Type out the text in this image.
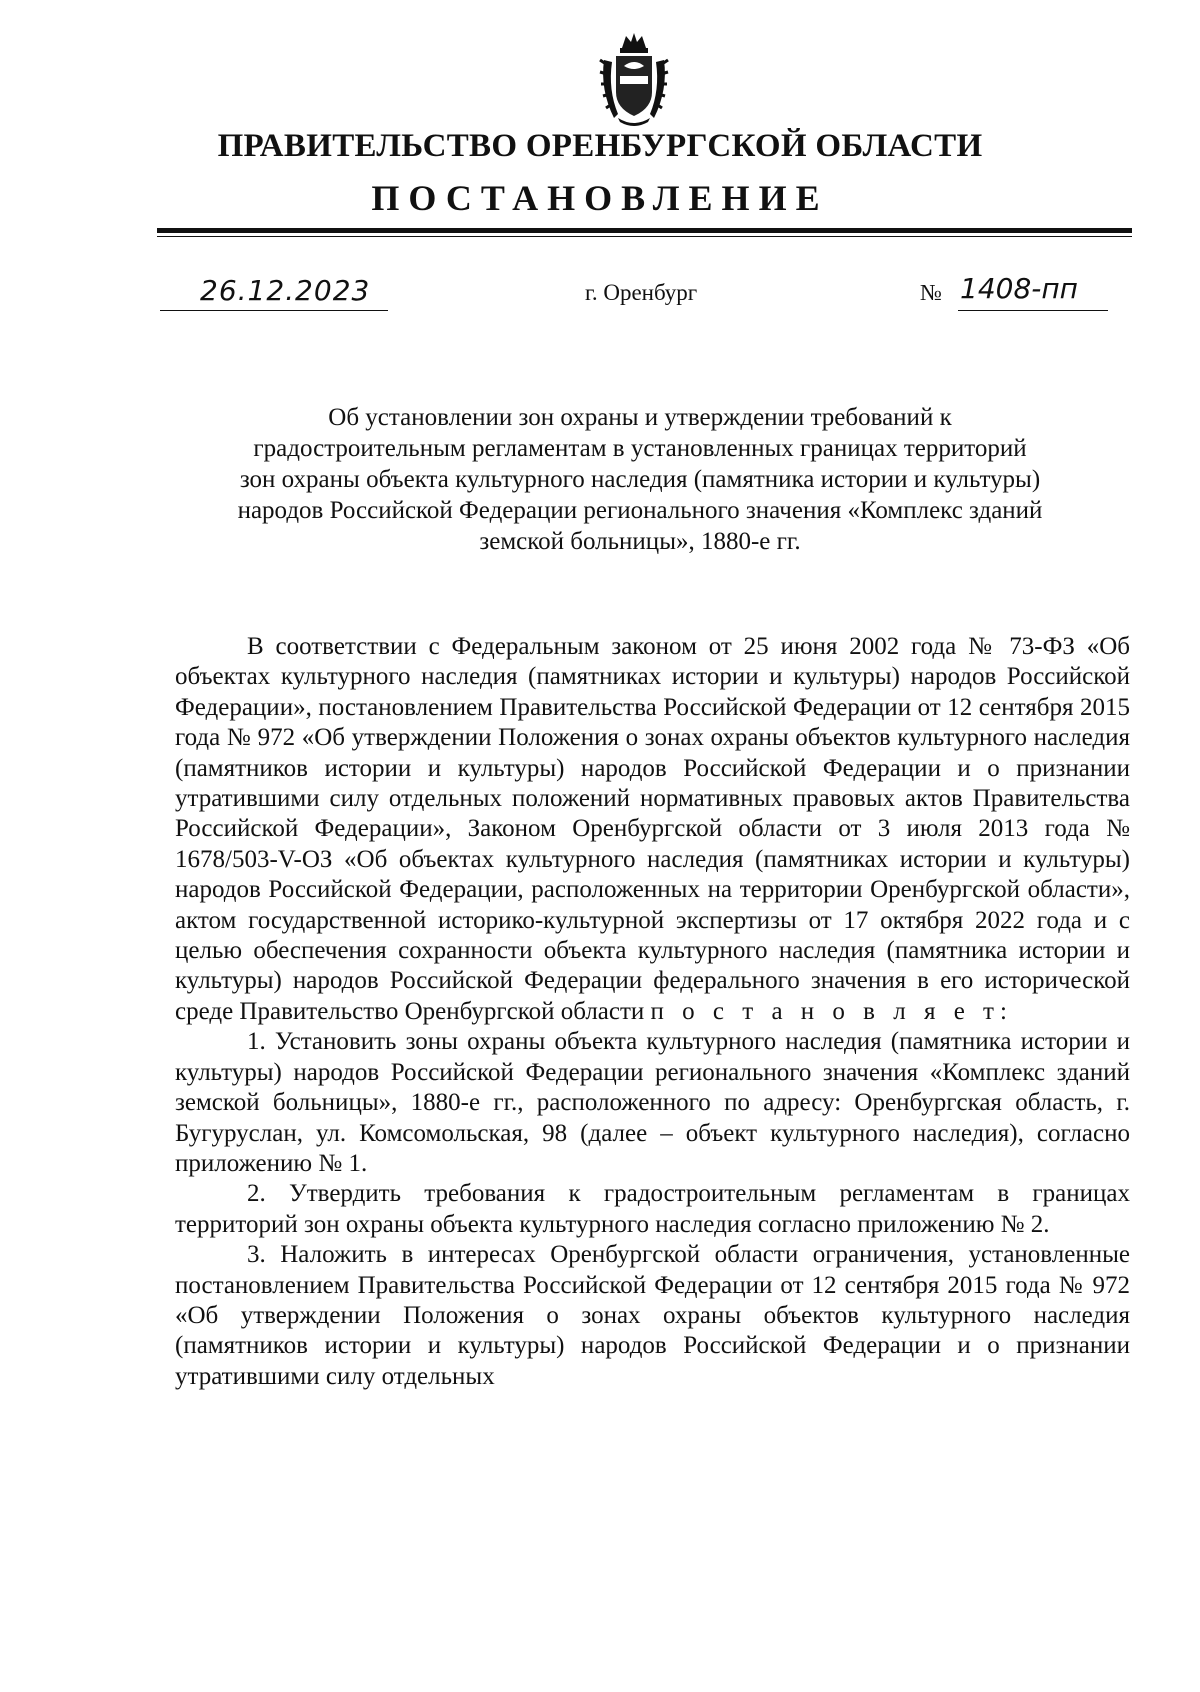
ПРАВИТЕЛЬСТВО ОРЕНБУРГСКОЙ ОБЛАСТИ
ПОСТАНОВЛЕНИЕ
26.12.2023	г. Оренбург	№ 1408-пп
Об установлении зон охраны и утверждении требований к
градостроительным регламентам в установленных границах территорий
зон охраны объекта культурного наследия (памятника истории и культуры)
народов Российской Федерации регионального значения «Комплекс зданий
земской больницы», 1880-е гг.

В соответствии с Федеральным законом от 25 июня 2002 года № 73-ФЗ «Об объектах культурного наследия (памятниках истории и культуры) народов Российской Федерации», постановлением Правительства Российской Федерации от 12 сентября 2015 года № 972 «Об утверждении Положения о зонах охраны объектов культурного наследия (памятников истории и культуры) народов Российской Федерации и о признании утратившими силу отдельных положений нормативных правовых актов Правительства Российской Федерации», Законом Оренбургской области от 3 июля 2013 года № 1678/503-V-ОЗ «Об объектах культурного наследия (памятниках истории и культуры) народов Российской Федерации, расположенных на территории Оренбургской области», актом государственной историко-культурной экспертизы от 17 октября 2022 года и с целью обеспечения сохранности объекта культурного наследия (памятника истории и культуры) народов Российской Федерации федерального значения в его исторической среде Правительство Оренбургской области п о с т а н о в л я е т:

1. Установить зоны охраны объекта культурного наследия (памятника истории и культуры) народов Российской Федерации регионального значения «Комплекс зданий земской больницы», 1880-е гг., расположенного по адресу: Оренбургская область, г. Бугуруслан, ул. Комсомольская, 98 (далее – объект культурного наследия), согласно приложению № 1.

2. Утвердить требования к градостроительным регламентам в границах территорий зон охраны объекта культурного наследия согласно приложению № 2.

3. Наложить в интересах Оренбургской области ограничения, установленные постановлением Правительства Российской Федерации от 12 сентября 2015 года № 972 «Об утверждении Положения о зонах охраны объектов культурного наследия (памятников истории и культуры) народов Российской Федерации и о признании утратившими силу отдельных
